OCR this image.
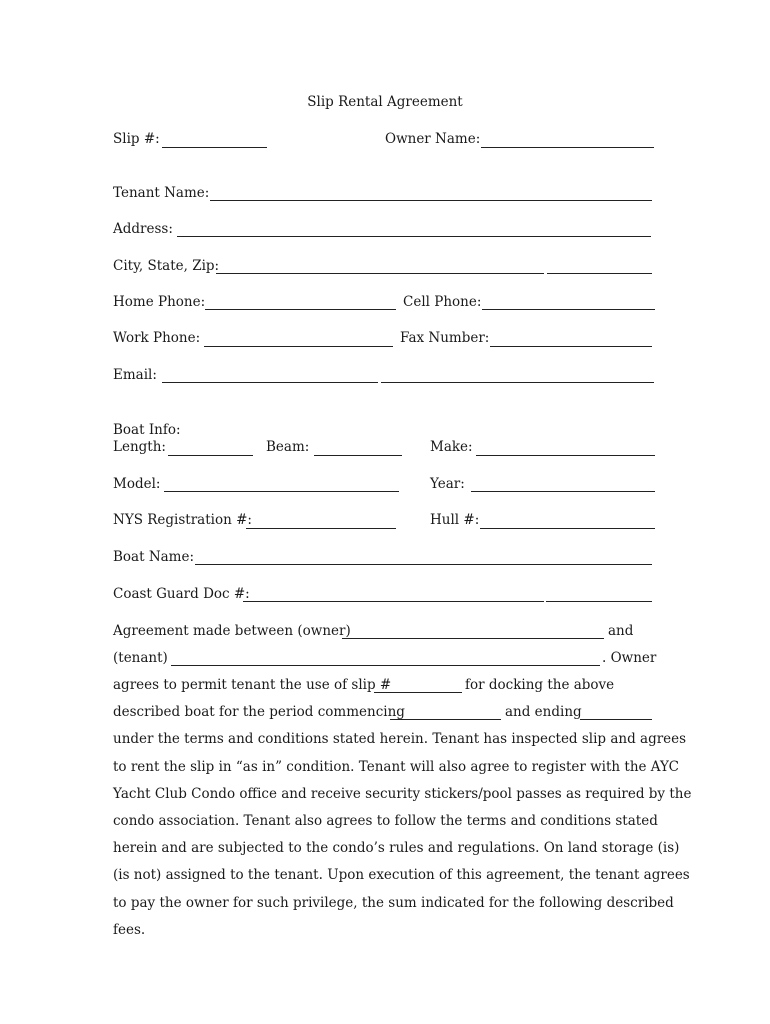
Slip Rental Agreement
Slip #:	Owner Name:
Tenant Name:
Address:
City, State, Zip:
Home Phone:	Cell Phone:
Work Phone:	Fax Number:
Email:
Boat Info:
Length:	Beam:	Make:
Model:	Year:
NYS Registration #:	Hull #:
Boat Name:
Coast Guard Doc #:
Agreement made between (owner)	and
(tenant)	. Owner
agrees to permit tenant the use of slip #	for docking the above
described boat for the period commencing	and ending
under the terms and conditions stated herein. Tenant has inspected slip and agrees
to rent the slip in “as in” condition. Tenant will also agree to register with the AYC
Yacht Club Condo office and receive security stickers/pool passes as required by the
condo association. Tenant also agrees to follow the terms and conditions stated
herein and are subjected to the condo’s rules and regulations. On land storage (is)
(is not) assigned to the tenant. Upon execution of this agreement, the tenant agrees
to pay the owner for such privilege, the sum indicated for the following described
fees.
